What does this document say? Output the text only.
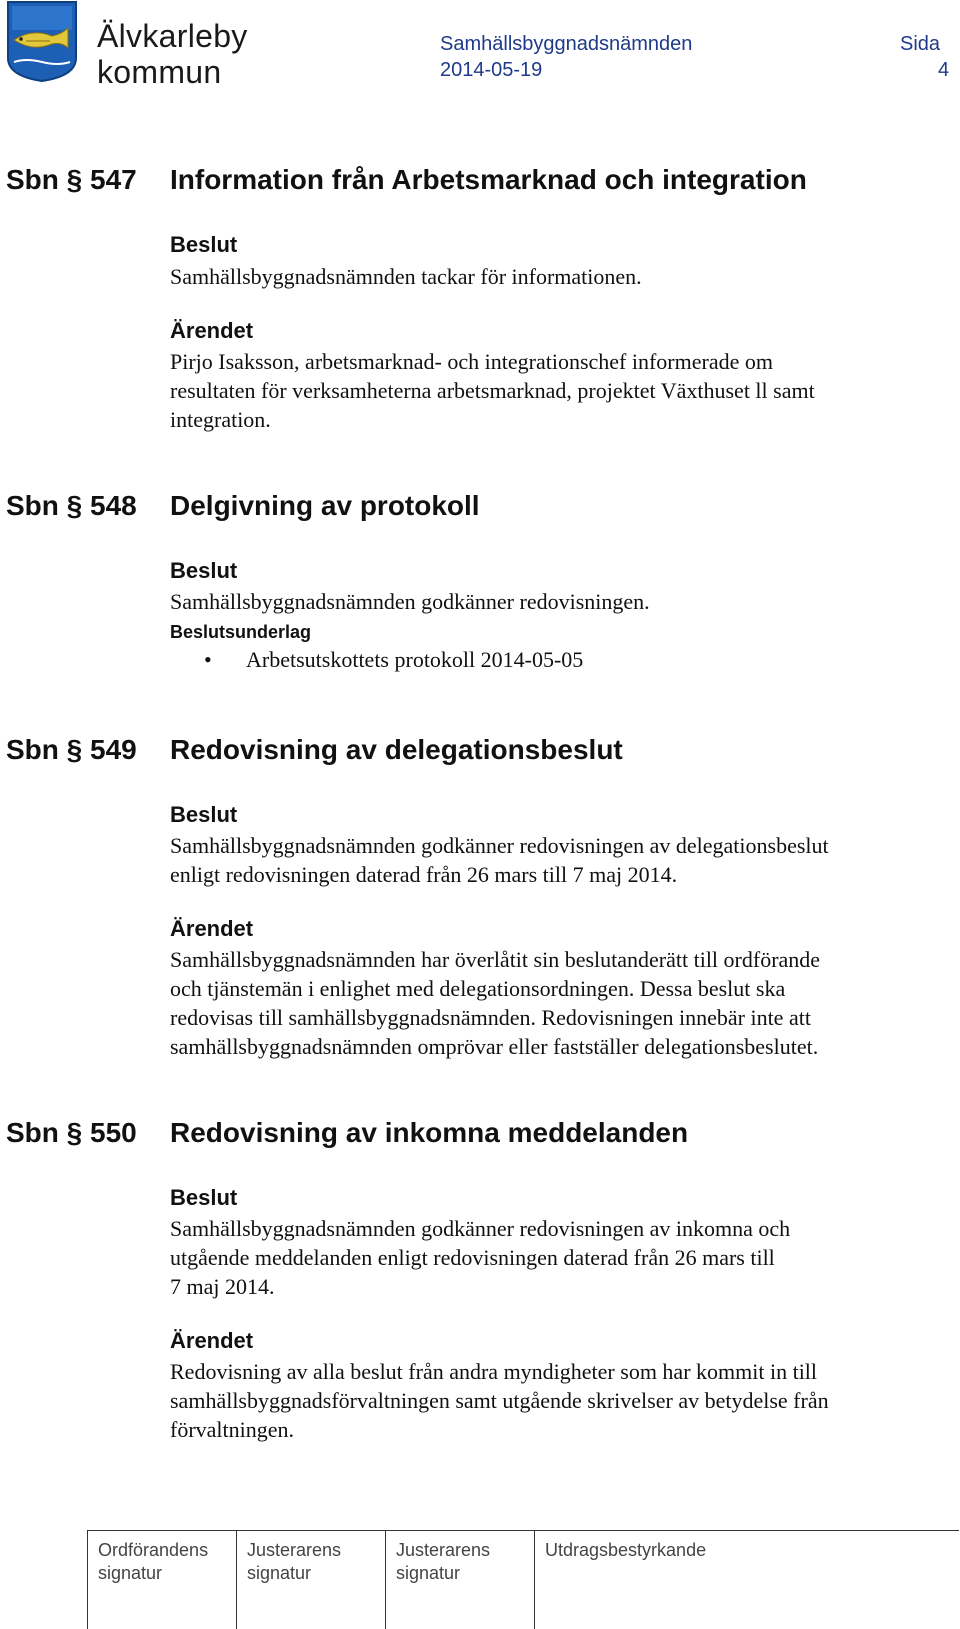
Älvkarleby
kommun
Samhällsbyggnadsnämnden
2014-05-19
Sida
4
Sbn § 547 Information från Arbetsmarknad och integration
Beslut
Samhällsbyggnadsnämnden tackar för informationen.
Ärendet
Pirjo Isaksson, arbetsmarknad- och integrationschef informerade om
resultaten för verksamheterna arbetsmarknad, projektet Växthuset ll samt
integration.
Sbn § 548 Delgivning av protokoll
Beslut
Samhällsbyggnadsnämnden godkänner redovisningen.
Beslutsunderlag
• Arbetsutskottets protokoll 2014-05-05
Sbn § 549 Redovisning av delegationsbeslut
Beslut
Samhällsbyggnadsnämnden godkänner redovisningen av delegationsbeslut
enligt redovisningen daterad från 26 mars till 7 maj 2014.
Ärendet
Samhällsbyggnadsnämnden har överlåtit sin beslutanderätt till ordförande
och tjänstemän i enlighet med delegationsordningen. Dessa beslut ska
redovisas till samhällsbyggnadsnämnden. Redovisningen innebär inte att
samhällsbyggnadsnämnden omprövar eller fastställer delegationsbeslutet.
Sbn § 550 Redovisning av inkomna meddelanden
Beslut
Samhällsbyggnadsnämnden godkänner redovisningen av inkomna och
utgående meddelanden enligt redovisningen daterad från 26 mars till
7 maj 2014.
Ärendet
Redovisning av alla beslut från andra myndigheter som har kommit in till
samhällsbyggnadsförvaltningen samt utgående skrivelser av betydelse från
förvaltningen.
Ordförandens
signatur
Justerarens
signatur
Justerarens
signatur
Utdragsbestyrkande
